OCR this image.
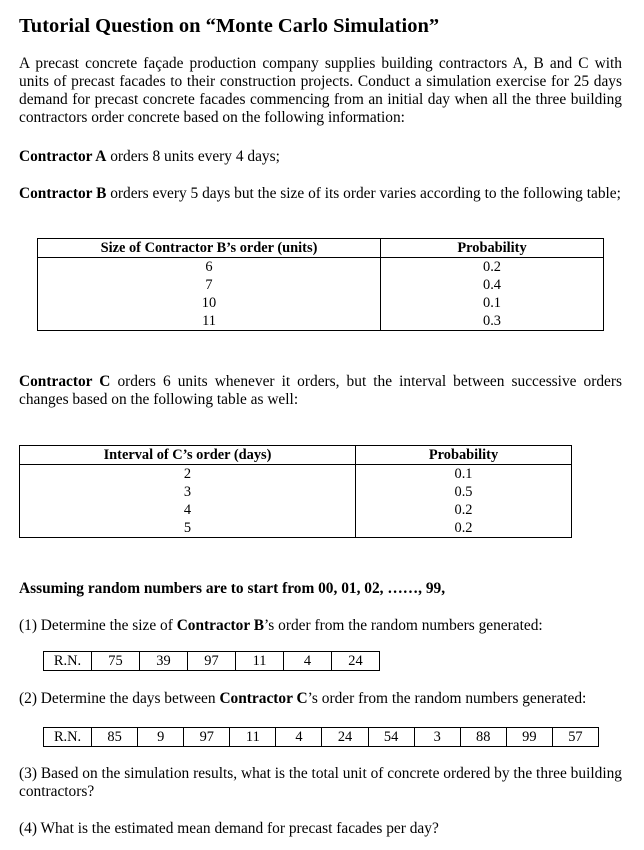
Tutorial Question on “Monte Carlo Simulation”
A precast concrete façade production company supplies building contractors A, B and C with units of precast facades to their construction projects. Conduct a simulation exercise for 25 days demand for precast concrete facades commencing from an initial day when all the three building contractors order concrete based on the following information:
Contractor A orders 8 units every 4 days;
Contractor B orders every 5 days but the size of its order varies according to the following table;
Size of Contractor B’s order (units)	Probability
6	0.2
7	0.4
10	0.1
11	0.3
Contractor C orders 6 units whenever it orders, but the interval between successive orders changes based on the following table as well:
Interval of C’s order (days)	Probability
2	0.1
3	0.5
4	0.2
5	0.2
Assuming random numbers are to start from 00, 01, 02, ……, 99,
(1) Determine the size of Contractor B’s order from the random numbers generated:
R.N.	75	39	97	11	4	24
(2) Determine the days between Contractor C’s order from the random numbers generated:
R.N.	85	9	97	11	4	24	54	3	88	99	57
(3) Based on the simulation results, what is the total unit of concrete ordered by the three building contractors?
(4) What is the estimated mean demand for precast facades per day?
